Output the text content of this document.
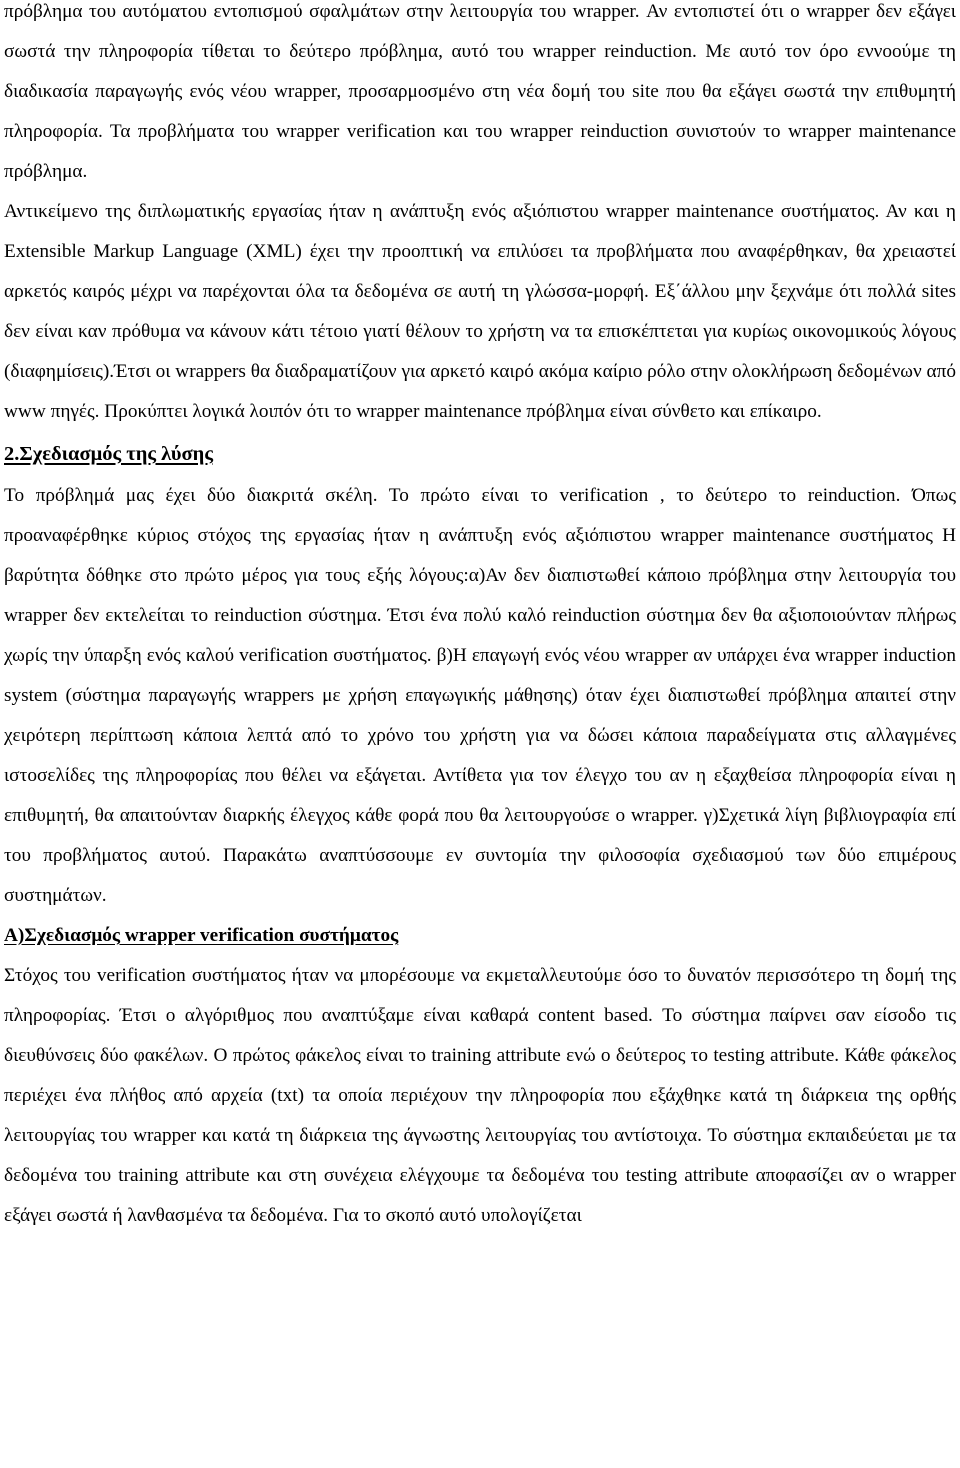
πρόβλημα του αυτόματου εντοπισμού σφαλμάτων στην λειτουργία του wrapper. Αν εντοπιστεί ότι ο wrapper δεν εξάγει σωστά την πληροφορία τίθεται το δεύτερο πρόβλημα, αυτό του wrapper reinduction. Με αυτό τον όρο εννοούμε τη διαδικασία παραγωγής ενός νέου wrapper, προσαρμοσμένο στη νέα δομή του site που θα εξάγει σωστά την επιθυμητή πληροφορία. Τα προβλήματα του wrapper verification και του wrapper reinduction συνιστούν το wrapper maintenance πρόβλημα.

Αντικείμενο της διπλωματικής εργασίας ήταν η ανάπτυξη ενός αξιόπιστου wrapper maintenance συστήματος. Αν και η Extensible Markup Language (XML) έχει την προοπτική να επιλύσει τα προβλήματα που αναφέρθηκαν, θα χρειαστεί αρκετός καιρός μέχρι να παρέχονται όλα τα δεδομένα σε αυτή τη γλώσσα-μορφή. Εξ΄άλλου μην ξεχνάμε ότι πολλά sites δεν είναι καν πρόθυμα να κάνουν κάτι τέτοιο γιατί θέλουν το χρήστη να τα επισκέπτεται για κυρίως οικονομικούς λόγους (διαφημίσεις).Έτσι οι wrappers θα διαδραματίζουν για αρκετό καιρό ακόμα καίριο ρόλο στην ολοκλήρωση δεδομένων από www πηγές. Προκύπτει λογικά λοιπόν ότι το wrapper maintenance πρόβλημα είναι σύνθετο και επίκαιρο.

2.Σχεδιασμός της λύσης

Το πρόβλημά μας έχει δύο διακριτά σκέλη. Το πρώτο είναι το verification , το δεύτερο το reinduction. Όπως προαναφέρθηκε κύριος στόχος της εργασίας ήταν η ανάπτυξη ενός αξιόπιστου wrapper maintenance συστήματος Η βαρύτητα δόθηκε στο πρώτο μέρος για τους εξής λόγους:α)Αν δεν διαπιστωθεί κάποιο πρόβλημα στην λειτουργία του wrapper δεν εκτελείται το reinduction σύστημα. Έτσι ένα πολύ καλό reinduction σύστημα δεν θα αξιοποιούνταν πλήρως χωρίς την ύπαρξη ενός καλού verification συστήματος. β)Η επαγωγή ενός νέου wrapper αν υπάρχει ένα wrapper induction system (σύστημα παραγωγής wrappers με χρήση επαγωγικής μάθησης) όταν έχει διαπιστωθεί πρόβλημα απαιτεί στην χειρότερη περίπτωση κάποια λεπτά από το χρόνο του χρήστη για να δώσει κάποια παραδείγματα στις αλλαγμένες ιστοσελίδες της πληροφορίας που θέλει να εξάγεται. Αντίθετα για τον έλεγχο του αν η εξαχθείσα πληροφορία είναι η επιθυμητή, θα απαιτούνταν διαρκής έλεγχος κάθε φορά που θα λειτουργούσε ο wrapper. γ)Σχετικά λίγη βιβλιογραφία επί του προβλήματος αυτού. Παρακάτω αναπτύσσουμε εν συντομία την φιλοσοφία σχεδιασμού των δύο επιμέρους συστημάτων.

Α)Σχεδιασμός wrapper verification συστήματος

Στόχος του verification συστήματος ήταν να μπορέσουμε να εκμεταλλευτούμε όσο το δυνατόν περισσότερο τη δομή της πληροφορίας. Έτσι ο αλγόριθμος που αναπτύξαμε είναι καθαρά content based. Το σύστημα παίρνει σαν είσοδο τις διευθύνσεις δύο φακέλων. Ο πρώτος φάκελος είναι το training attribute ενώ ο δεύτερος το testing attribute. Κάθε φάκελος περιέχει ένα πλήθος από αρχεία (txt) τα οποία περιέχουν την πληροφορία που εξάχθηκε κατά τη διάρκεια της ορθής λειτουργίας του wrapper και κατά τη διάρκεια της άγνωστης λειτουργίας του αντίστοιχα. Το σύστημα εκπαιδεύεται με τα δεδομένα του training attribute και στη συνέχεια ελέγχουμε τα δεδομένα του testing attribute αποφασίζει αν ο wrapper εξάγει σωστά ή λανθασμένα τα δεδομένα. Για το σκοπό αυτό υπολογίζεται
